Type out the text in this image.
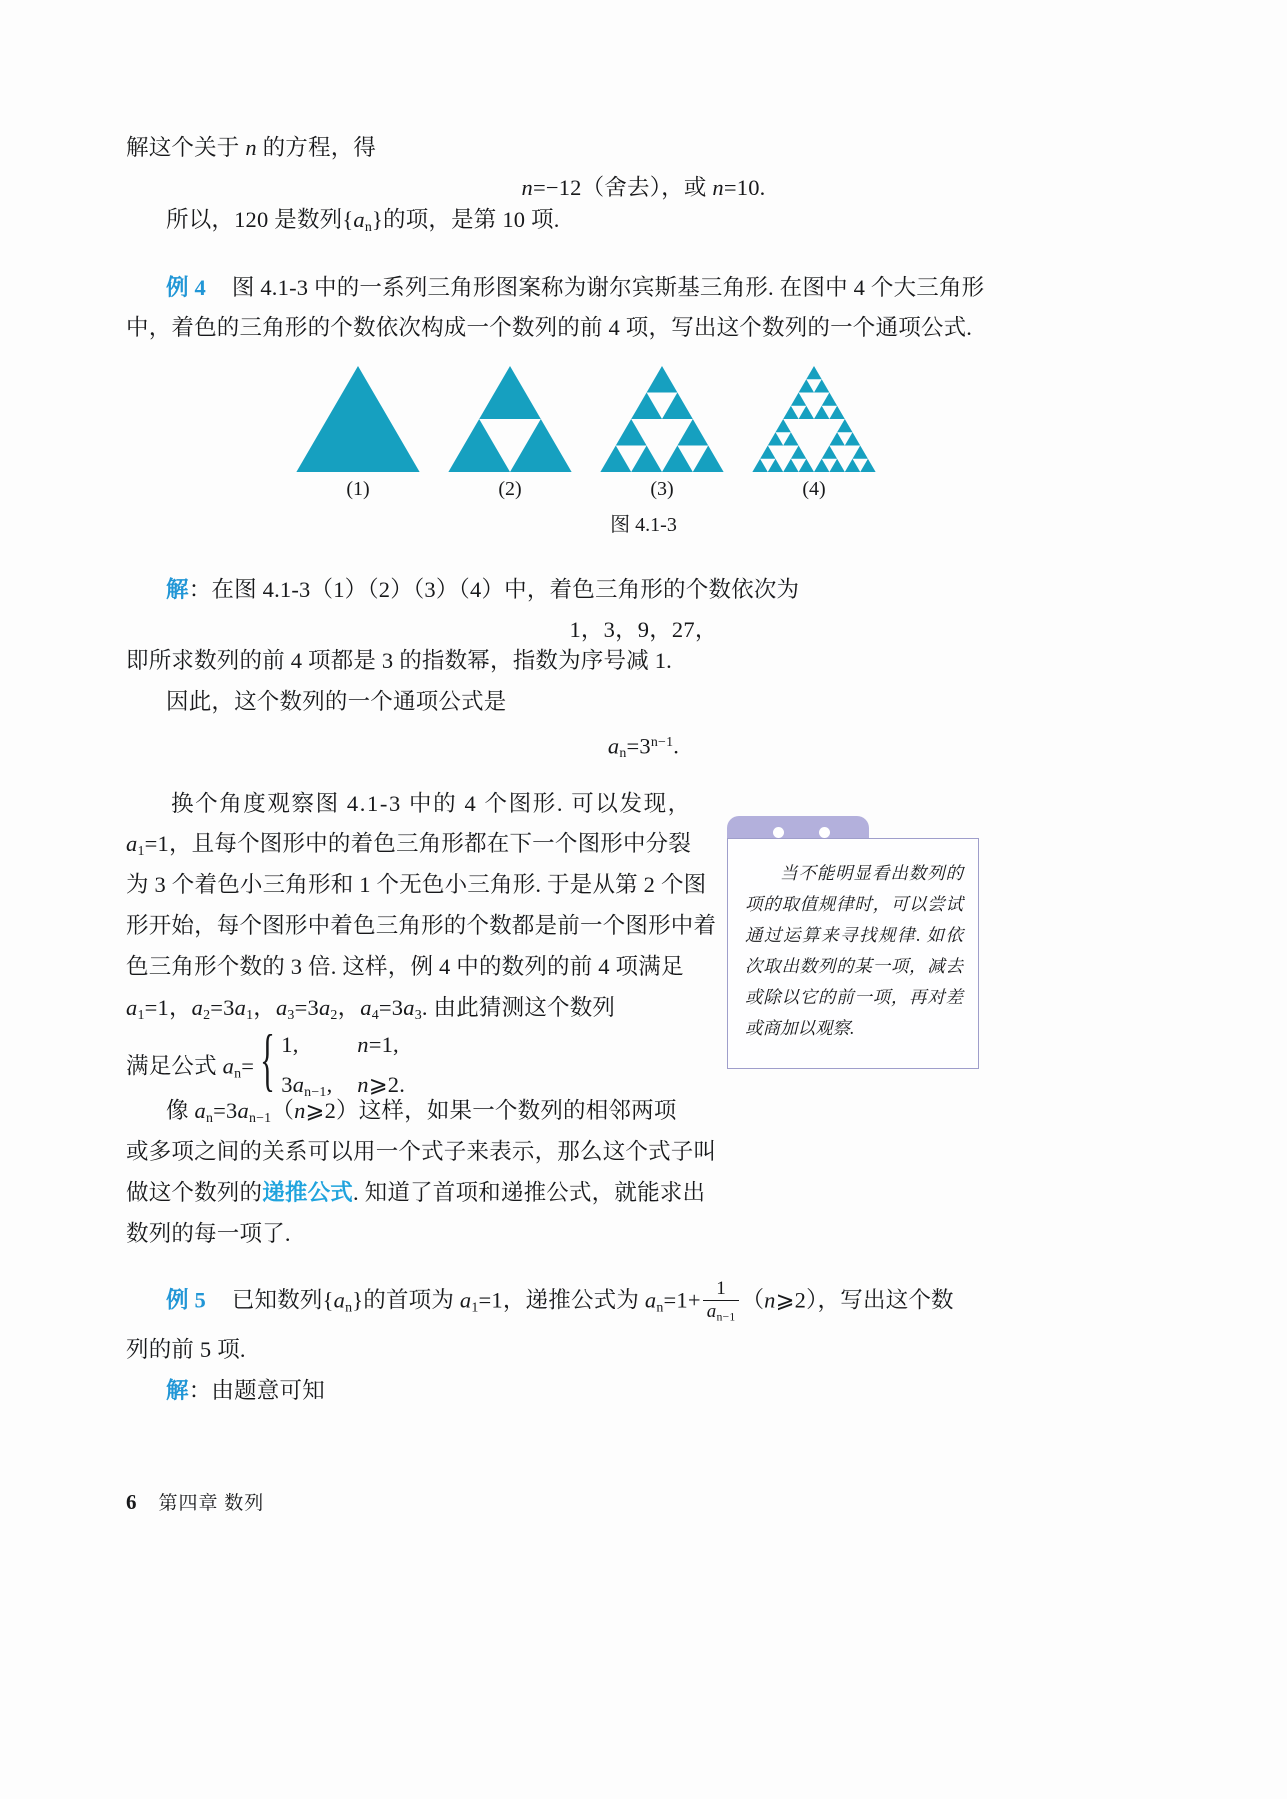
解这个关于 n 的方程，得
n=−12（舍去），或 n=10.
所以，120 是数列$\{a_n\}$的项，是第 10 项.
例 4 图 4.1-3 中的一系列三角形图案称为谢尔宾斯基三角形. 在图中 4 个大三角形
中，着色的三角形的个数依次构成一个数列的前 4 项，写出这个数列的一个通项公式.
(1)	(2)	(3)	(4)
图 4.1-3
解：在图 4.1-3（1）（2）（3）（4）中，着色三角形的个数依次为
1，3，9，27，
即所求数列的前 4 项都是 3 的指数幂，指数为序号减 1.
因此，这个数列的一个通项公式是
$a_n=3^{n-1}$.
换个角度观察图 4.1-3 中的 4 个图形. 可以发现，
$a_1=1$，且每个图形中的着色三角形都在下一个图形中分裂
为 3 个着色小三角形和 1 个无色小三角形. 于是从第 2 个图
形开始，每个图形中着色三角形的个数都是前一个图形中着
色三角形个数的 3 倍. 这样，例 4 中的数列的前 4 项满足
$a_1=1$，$a_2=3a_1$，$a_3=3a_2$，$a_4=3a_3$. 由此猜测这个数列
满足公式 $a_n=$ { 1,	n=1,
$3a_{n-1}$, n⩾2.
像 $a_n=3a_{n-1}(n⩾2)$这样，如果一个数列的相邻两项
或多项之间的关系可以用一个式子来表示，那么这个式子叫
做这个数列的递推公式. 知道了首项和递推公式，就能求出
数列的每一项了.
当不能明显看出数列的项的取值规律时，可以尝试通过运算来寻找规律. 如依次取出数列的某一项，减去或除以它的前一项，再对差或商加以观察.
例 5 已知数列$\{a_n\}$的首项为 $a_1=1$，递推公式为 $a_n=1+ \frac{1}{a_{n-1}}$ （n⩾2），写出这个数
列的前 5 项.
解：由题意可知
6 第四章 数列
